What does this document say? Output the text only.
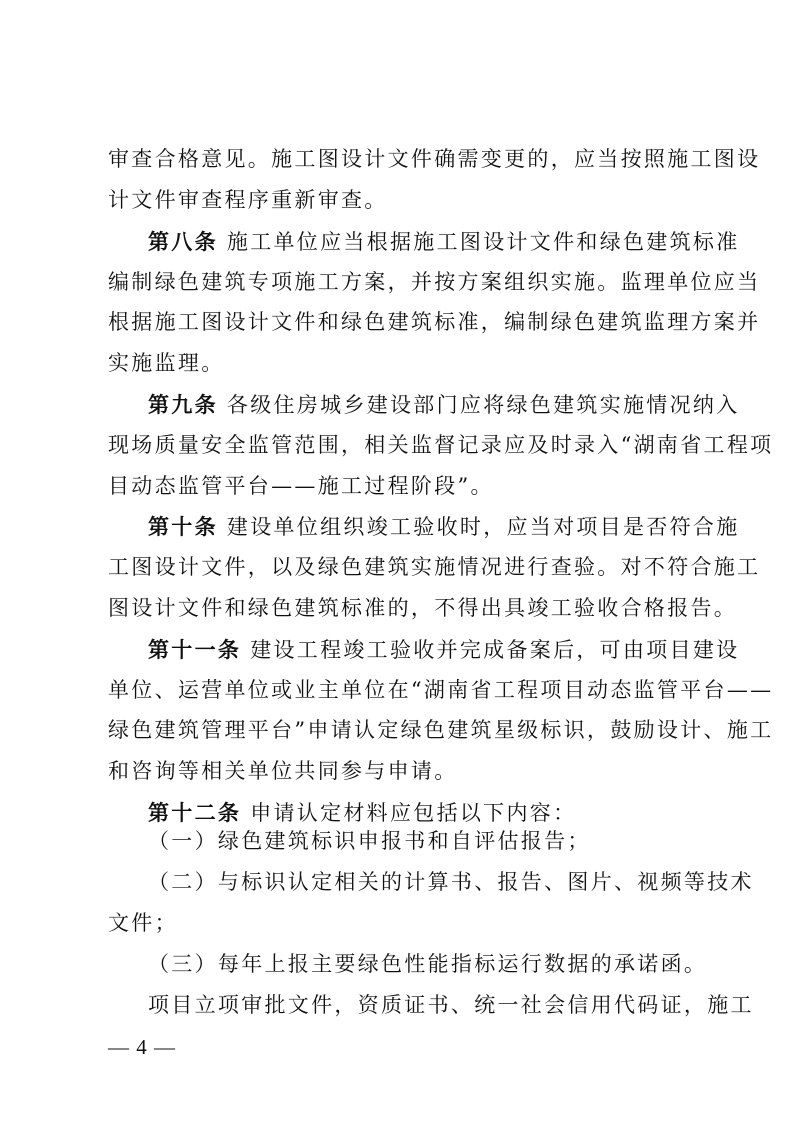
审查合格意见。施工图设计文件确需变更的，应当按照施工图设
计文件审查程序重新审查。
第八条 施工单位应当根据施工图设计文件和绿色建筑标准
编制绿色建筑专项施工方案，并按方案组织实施。监理单位应当
根据施工图设计文件和绿色建筑标准，编制绿色建筑监理方案并
实施监理。
第九条 各级住房城乡建设部门应将绿色建筑实施情况纳入
现场质量安全监管范围，相关监督记录应及时录入“湖南省工程项
目动态监管平台——施工过程阶段”。
第十条 建设单位组织竣工验收时，应当对项目是否符合施
工图设计文件，以及绿色建筑实施情况进行查验。对不符合施工
图设计文件和绿色建筑标准的，不得出具竣工验收合格报告。
第十一条 建设工程竣工验收并完成备案后，可由项目建设
单位、运营单位或业主单位在“湖南省工程项目动态监管平台——
绿色建筑管理平台”申请认定绿色建筑星级标识，鼓励设计、施工
和咨询等相关单位共同参与申请。
第十二条 申请认定材料应包括以下内容：
（一）绿色建筑标识申报书和自评估报告；
（二）与标识认定相关的计算书、报告、图片、视频等技术
文件；
（三）每年上报主要绿色性能指标运行数据的承诺函。
— 4 —
项目立项审批文件，资质证书、统一社会信用代码证，施工
